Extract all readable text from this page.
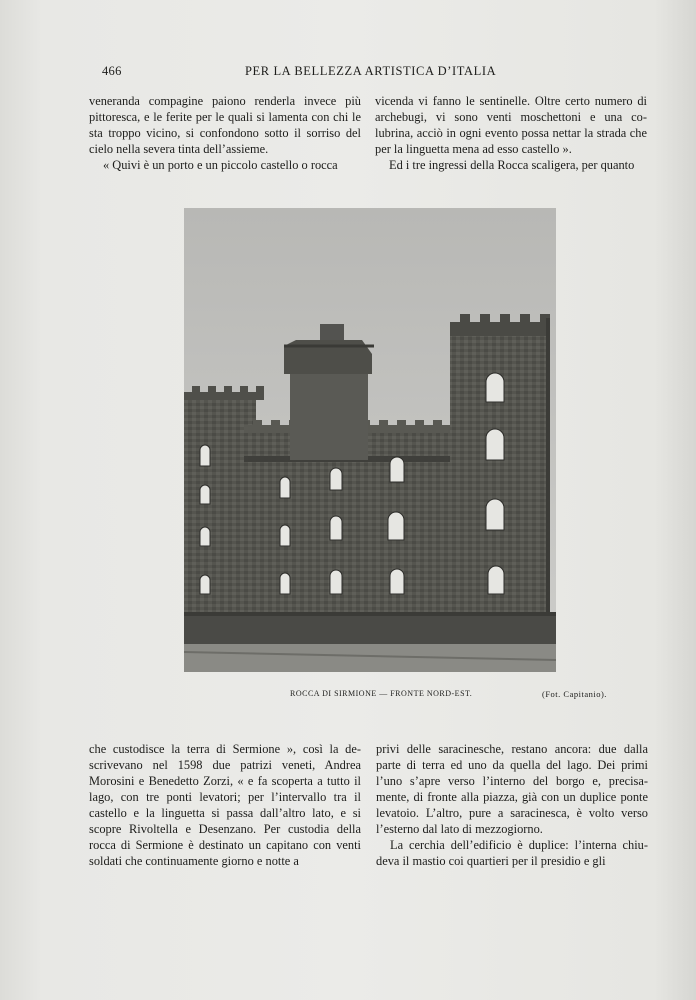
466	PER LA BELLEZZA ARTISTICA D’ITALIA

veneranda compagine paiono renderla invece più pittoresca, e le ferite per le quali si lamenta con chi le sta troppo vicino, si confondono sotto il sorriso del cielo nella severa tinta dell’assieme.

« Quivi è un porto e un piccolo castello o rocca

vicenda vi fanno le sentinelle. Oltre certo numero di archebugi, vi sono venti moschettoni e una co- lubrina, acciò in ogni evento possa nettar la strada che per la linguetta mena ad esso castello ».

Ed i tre ingressi della Rocca scaligera, per quanto

ROCCA DI SIRMIONE — FRONTE NORD-EST.	(Fot. Capitanio).

che custodisce la terra di Sermione », così la de- scrivevano nel 1598 due patrizi veneti, Andrea Morosini e Benedetto Zorzi, « e fa scoperta a tutto il lago, con tre ponti levatori; per l’intervallo tra il castello e la linguetta si passa dall’altro lato, e si scopre Rivoltella e Desenzano. Per custodia della rocca di Sermione è destinato un capitano con venti soldati che continuamente giorno e notte a

privi delle saracinesche, restano ancora: due dalla parte di terra ed uno da quella del lago. Dei primi l’uno s’apre verso l’interno del borgo e, precisa- mente, di fronte alla piazza, già con un duplice ponte levatoio. L’altro, pure a saracinesca, è volto verso l’esterno dal lato di mezzogiorno.

La cerchia dell’edificio è duplice: l’interna chiu- deva il mastio coi quartieri per il presidio e gli
